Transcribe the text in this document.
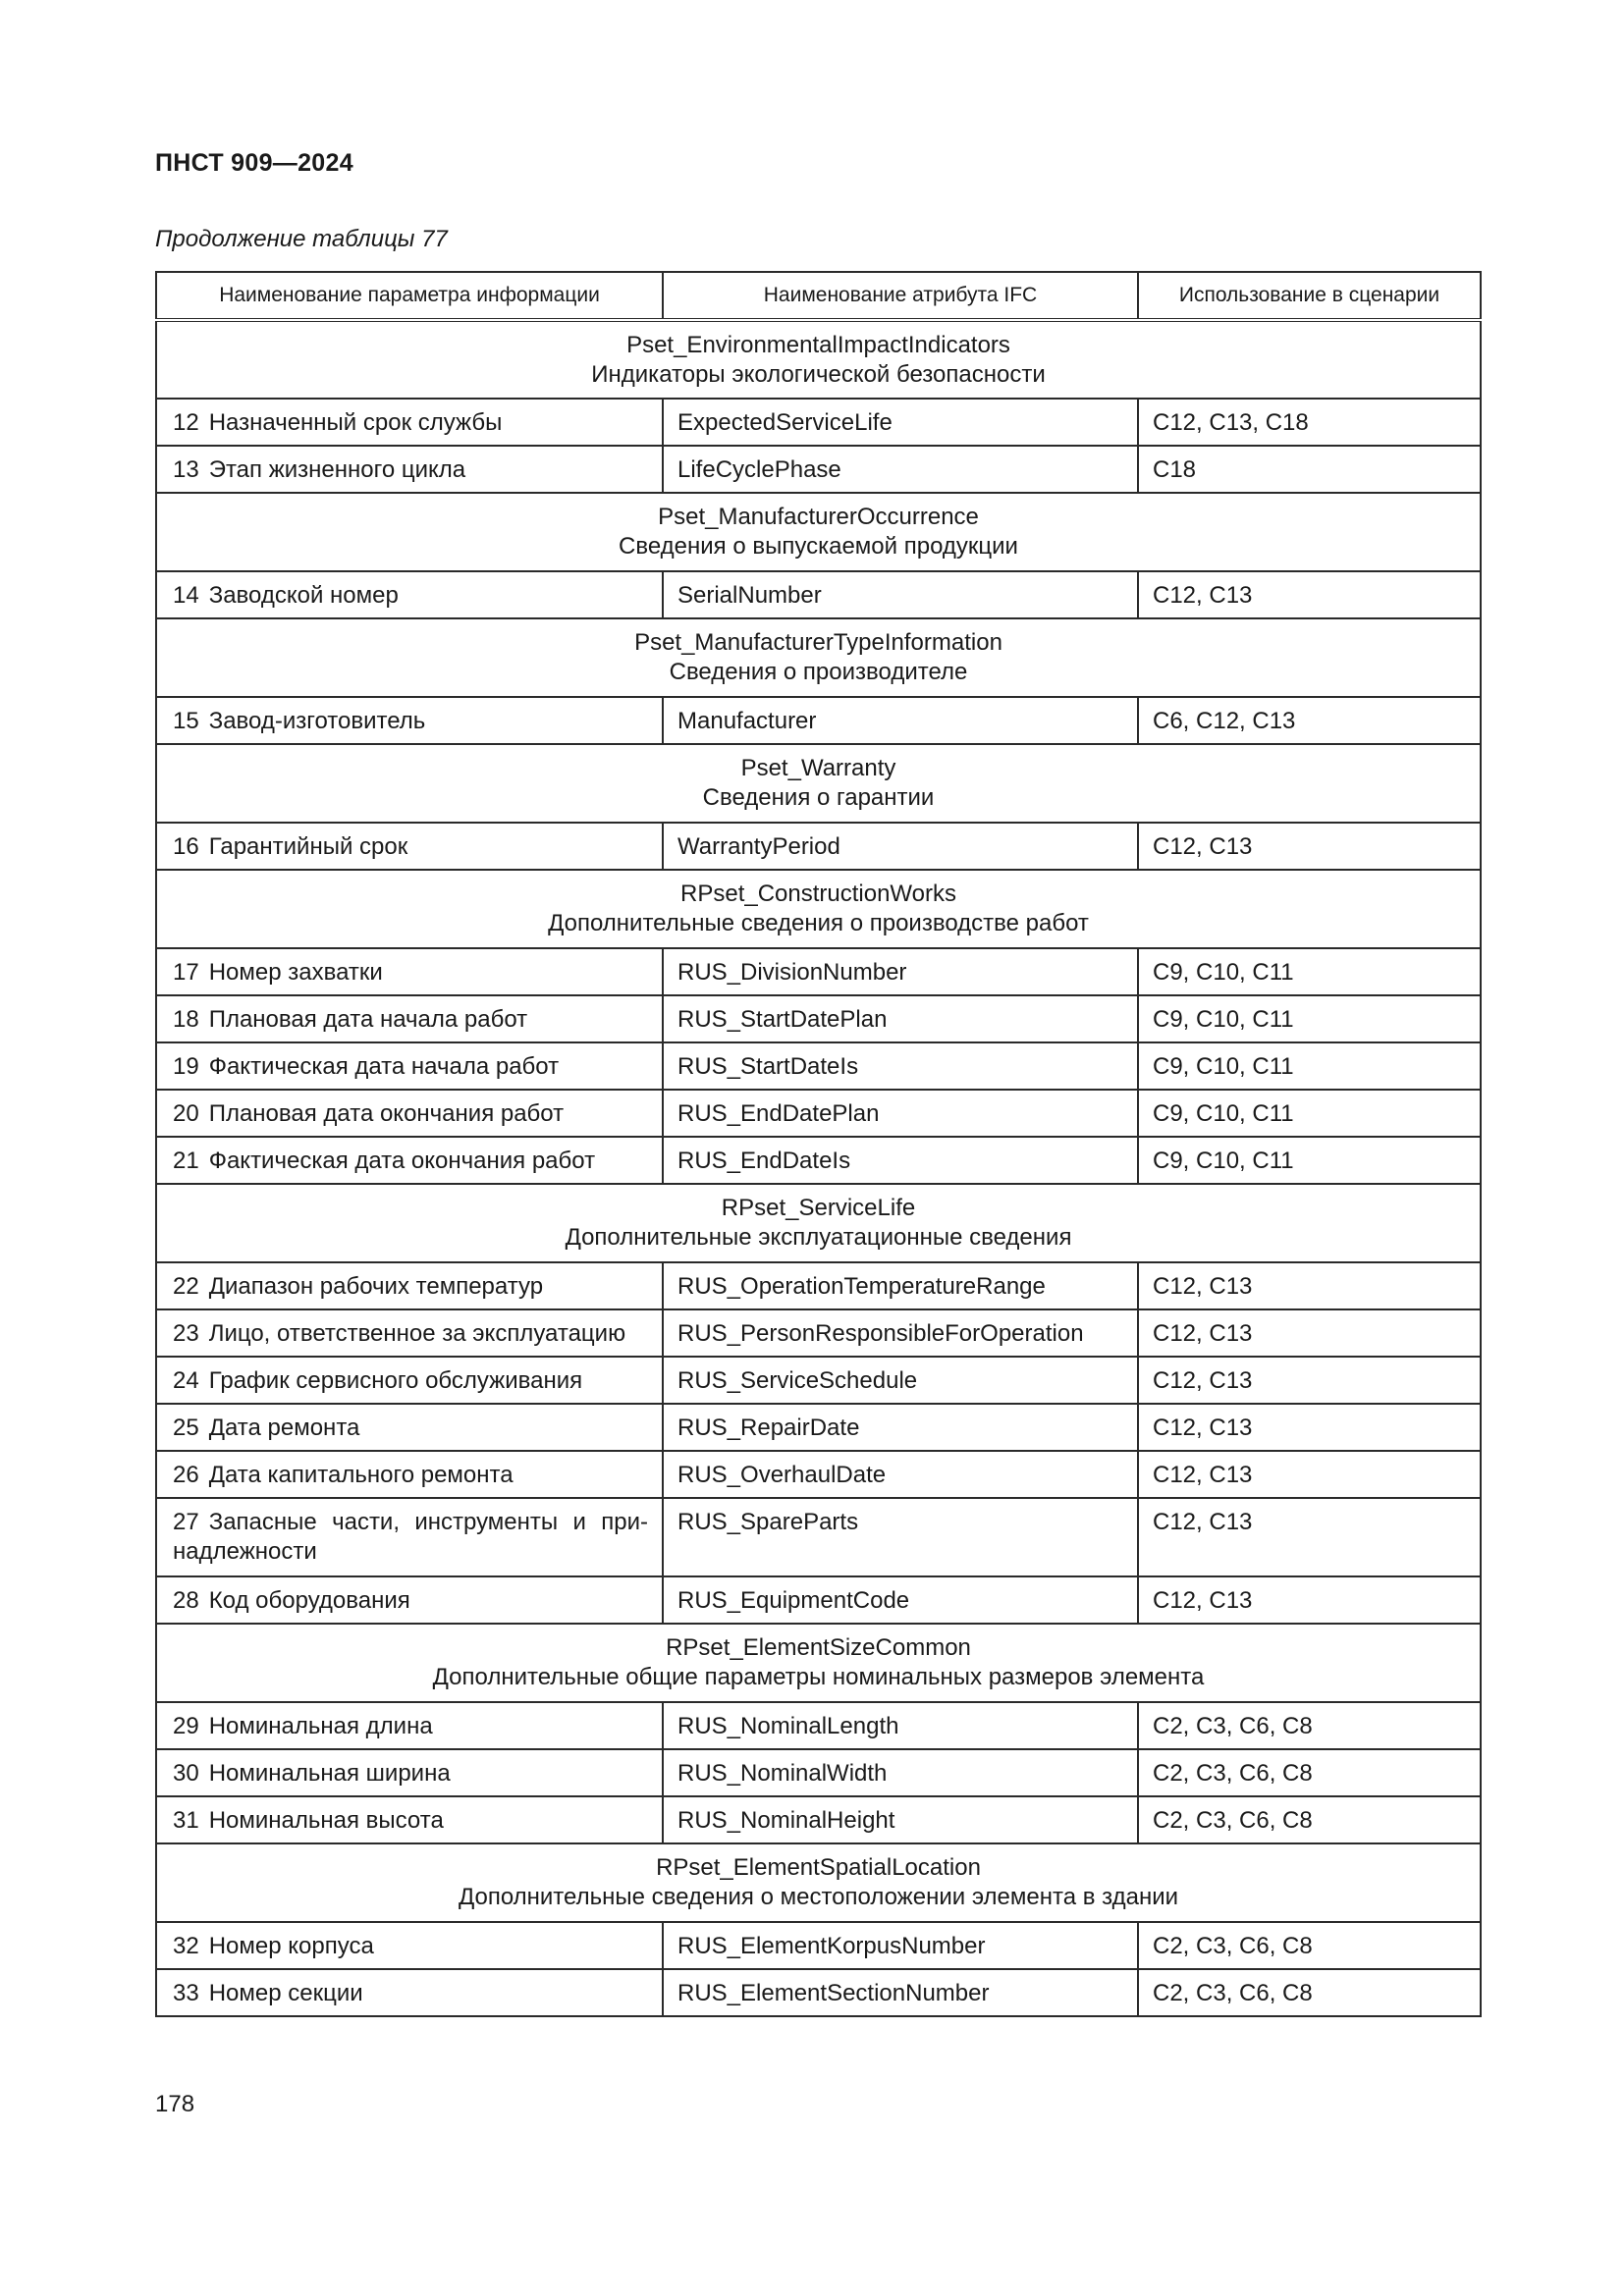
ПНСТ 909—2024
Продолжение таблицы 77
Наименование параметра информации	Наименование атрибута IFC	Использование в сценарии

Pset_EnvironmentalImpactIndicators
Индикаторы экологической безопасности		

12 Назначенный срок службы	ExpectedServiceLife	С12, С13, С18
13 Этап жизненного цикла	LifeCyclePhase	С18

Pset_ManufacturerOccurrence
Сведения о выпускаемой продукции		

14 Заводской номер	SerialNumber	С12, С13

Pset_ManufacturerTypeInformation
Сведения о производителе		

15 Завод-изготовитель	Manufacturer	С6, С12, С13

Pset_Warranty
Сведения о гарантии		

16 Гарантийный срок	WarrantyPeriod	С12, С13

RPset_ConstructionWorks
Дополнительные сведения о производстве работ		

17 Номер захватки	RUS_DivisionNumber	С9, С10, С11
18 Плановая дата начала работ	RUS_StartDatePlan	С9, С10, С11
19 Фактическая дата начала работ	RUS_StartDateIs	С9, С10, С11
20 Плановая дата окончания работ	RUS_EndDatePlan	С9, С10, С11
21 Фактическая дата окончания работ	RUS_EndDateIs	С9, С10, С11

RPset_ServiceLife
Дополнительные эксплуатационные сведения		

22 Диапазон рабочих температур	RUS_OperationTemperatureRange	С12, С13
23 Лицо, ответственное за эксплуатацию	RUS_PersonResponsibleForOperation	С12, С13
24 График сервисного обслуживания	RUS_ServiceSchedule	С12, С13
25 Дата ремонта	RUS_RepairDate	С12, С13
26 Дата капитального ремонта	RUS_OverhaulDate	С12, С13
27 Запасные части, инструменты и принадлежности	RUS_SpareParts	С12, С13
28 Код оборудования	RUS_EquipmentCode	С12, С13

RPset_ElementSizeCommon
Дополнительные общие параметры номинальных размеров элемента		

29 Номинальная длина	RUS_NominalLength	С2, С3, С6, С8
30 Номинальная ширина	RUS_NominalWidth	С2, С3, С6, С8
31 Номинальная высота	RUS_NominalHeight	С2, С3, С6, С8

RPset_ElementSpatialLocation
Дополнительные сведения о местоположении элемента в здании		

32 Номер корпуса	RUS_ElementKorpusNumber	С2, С3, С6, С8
33 Номер секции	RUS_ElementSectionNumber	С2, С3, С6, С8
178
